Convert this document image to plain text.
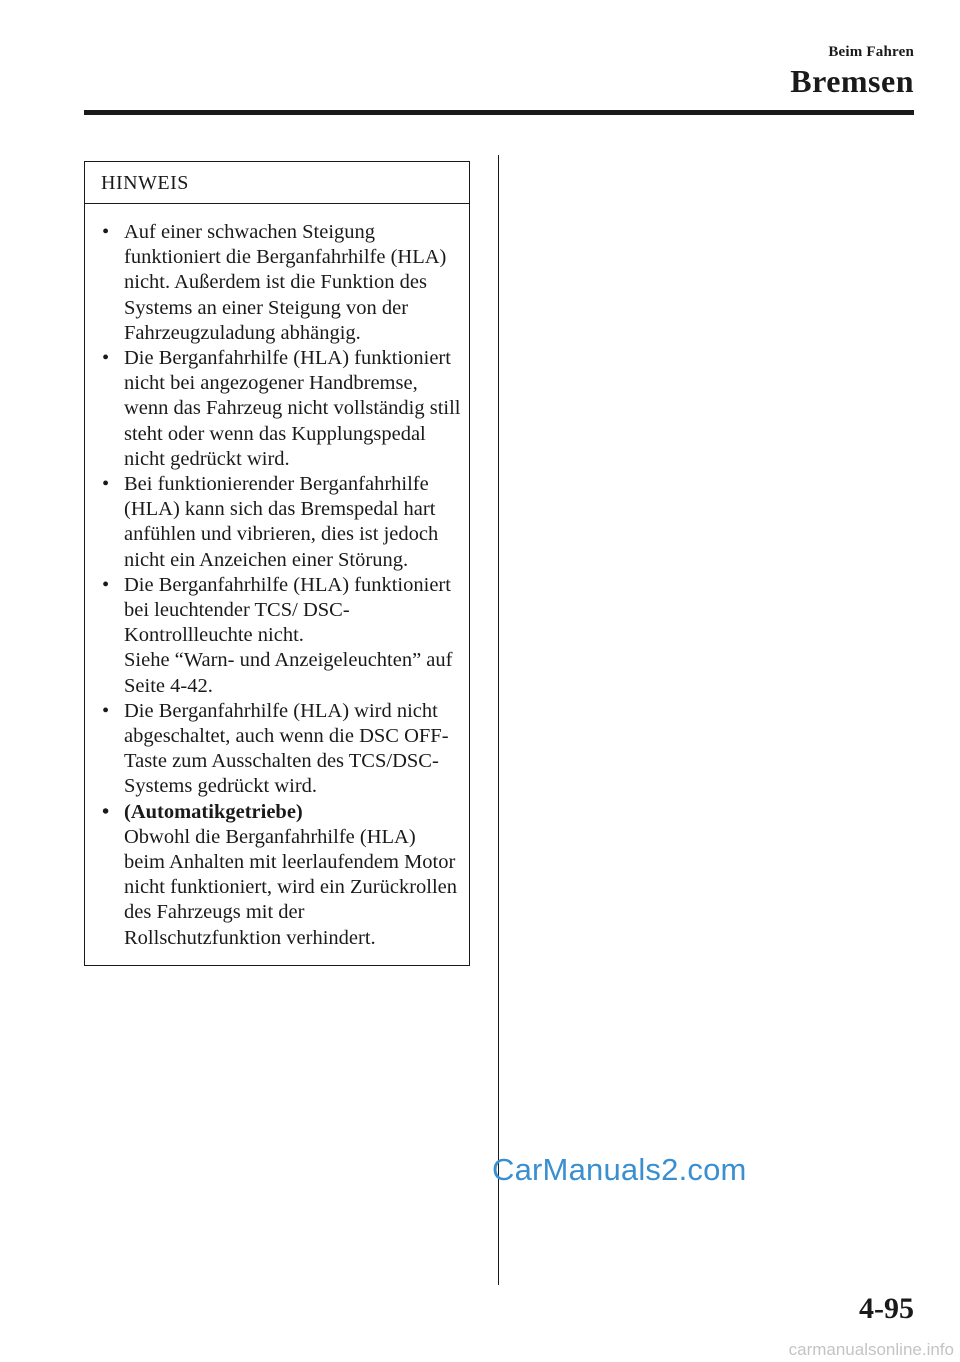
Beim Fahren
Bremsen
HINWEIS
• Auf einer schwachen Steigung funktioniert die Berganfahrhilfe (HLA) nicht. Außerdem ist die Funktion des Systems an einer Steigung von der Fahrzeugzuladung abhängig.
• Die Berganfahrhilfe (HLA) funktioniert nicht bei angezogener Handbremse, wenn das Fahrzeug nicht vollständig still steht oder wenn das Kupplungspedal nicht gedrückt wird.
• Bei funktionierender Berganfahrhilfe (HLA) kann sich das Bremspedal hart anfühlen und vibrieren, dies ist jedoch nicht ein Anzeichen einer Störung.
• Die Berganfahrhilfe (HLA) funktioniert bei leuchtender TCS/ DSC-Kontrollleuchte nicht.
Siehe “Warn- und Anzeigeleuchten” auf Seite 4-42.
• Die Berganfahrhilfe (HLA) wird nicht abgeschaltet, auch wenn die DSC OFF-Taste zum Ausschalten des TCS/DSC-Systems gedrückt wird.
• (Automatikgetriebe)
Obwohl die Berganfahrhilfe (HLA) beim Anhalten mit leerlaufendem Motor nicht funktioniert, wird ein Zurückrollen des Fahrzeugs mit der Rollschutzfunktion verhindert.
CarManuals2.com
4-95
carmanualsonline.info
